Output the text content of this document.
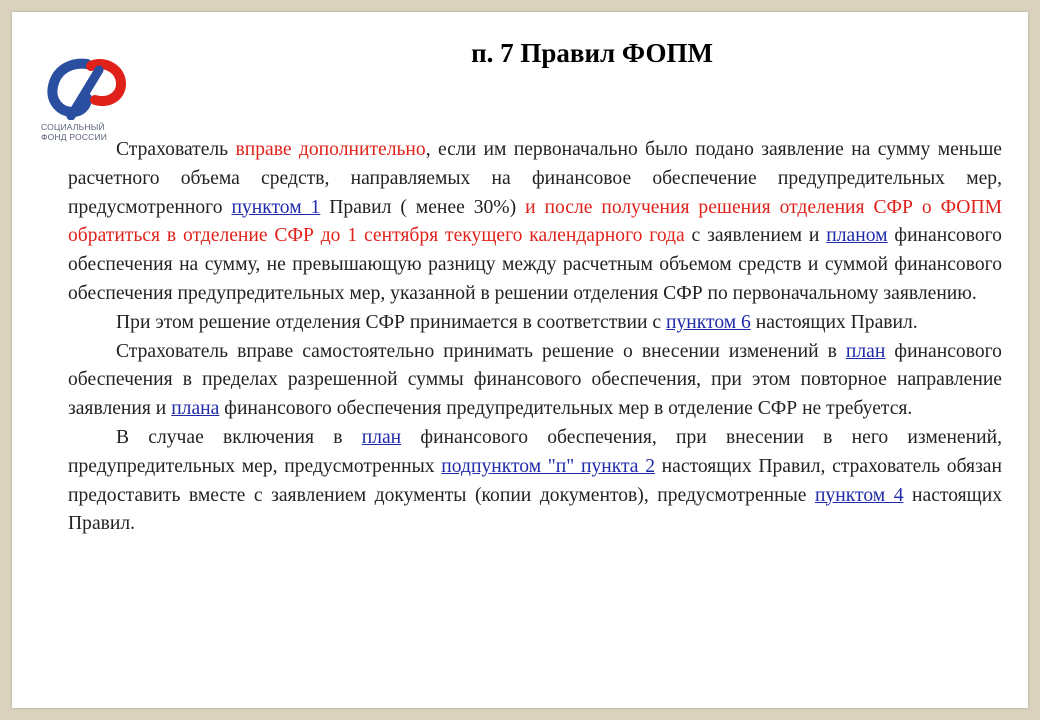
СОЦИАЛЬНЫЙ
ФОНД РОССИИ
п. 7 Правил ФОПМ

Страхователь вправе дополнительно, если им первоначально было подано заявление на сумму меньше расчетного объема средств, направляемых на финансовое обеспечение предупредительных мер, предусмотренного пунктом 1 Правил ( менее 30%) и после получения решения отделения СФР о ФОПМ обратиться в отделение СФР до 1 сентября текущего календарного года с заявлением и планом финансового обеспечения на сумму, не превышающую разницу между расчетным объемом средств и суммой финансового обеспечения предупредительных мер, указанной в решении отделения СФР по первоначальному заявлению.

При этом решение отделения СФР принимается в соответствии с пунктом 6 настоящих Правил.

Страхователь вправе самостоятельно принимать решение о внесении изменений в план финансового обеспечения в пределах разрешенной суммы финансового обеспечения, при этом повторное направление заявления и плана финансового обеспечения предупредительных мер в отделение СФР не требуется.

В случае включения в план финансового обеспечения, при внесении в него изменений, предупредительных мер, предусмотренных подпунктом "п" пункта 2 настоящих Правил, страхователь обязан предоставить вместе с заявлением документы (копии документов), предусмотренные пунктом 4 настоящих Правил.
